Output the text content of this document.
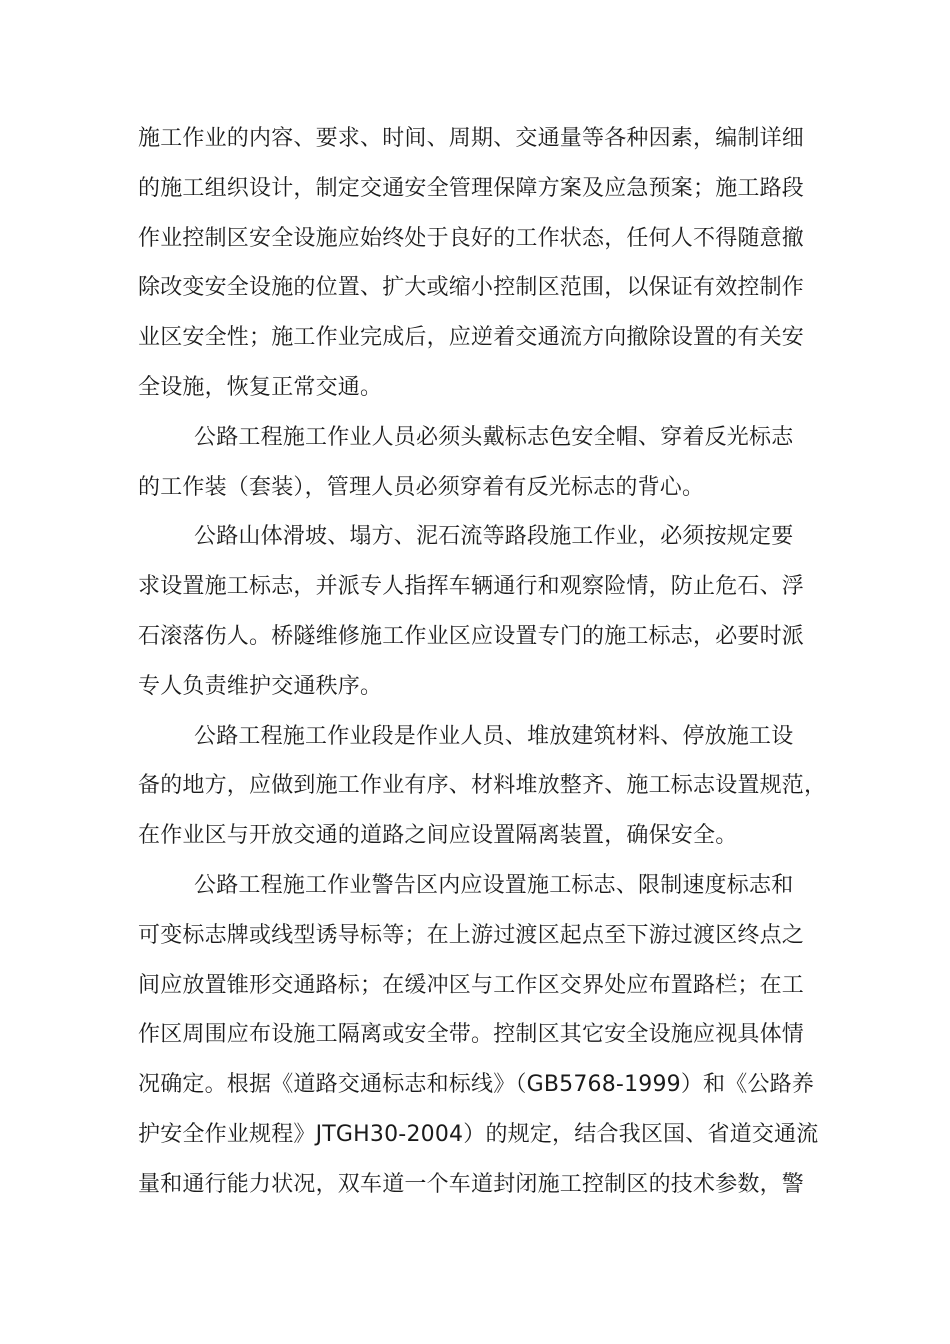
施工作业的内容、要求、时间、周期、交通量等各种因素，编制详细
的施工组织设计，制定交通安全管理保障方案及应急预案；施工路段
作业控制区安全设施应始终处于良好的工作状态，任何人不得随意撤
除改变安全设施的位置、扩大或缩小控制区范围，以保证有效控制作
业区安全性；施工作业完成后，应逆着交通流方向撤除设置的有关安
全设施，恢复正常交通。
公路工程施工作业人员必须头戴标志色安全帽、穿着反光标志
的工作装（套装），管理人员必须穿着有反光标志的背心。
公路山体滑坡、塌方、泥石流等路段施工作业，必须按规定要
求设置施工标志，并派专人指挥车辆通行和观察险情，防止危石、浮
石滚落伤人。桥隧维修施工作业区应设置专门的施工标志，必要时派
专人负责维护交通秩序。
公路工程施工作业段是作业人员、堆放建筑材料、停放施工设
备的地方，应做到施工作业有序、材料堆放整齐、施工标志设置规范，
在作业区与开放交通的道路之间应设置隔离装置，确保安全。
公路工程施工作业警告区内应设置施工标志、限制速度标志和
可变标志牌或线型诱导标等；在上游过渡区起点至下游过渡区终点之
间应放置锥形交通路标；在缓冲区与工作区交界处应布置路栏；在工
作区周围应布设施工隔离或安全带。控制区其它安全设施应视具体情
况确定。根据《道路交通标志和标线》（GB5768-1999）和《公路养
护安全作业规程》JTGH30-2004）的规定，结合我区国、省道交通流
量和通行能力状况，双车道一个车道封闭施工控制区的技术参数，警
